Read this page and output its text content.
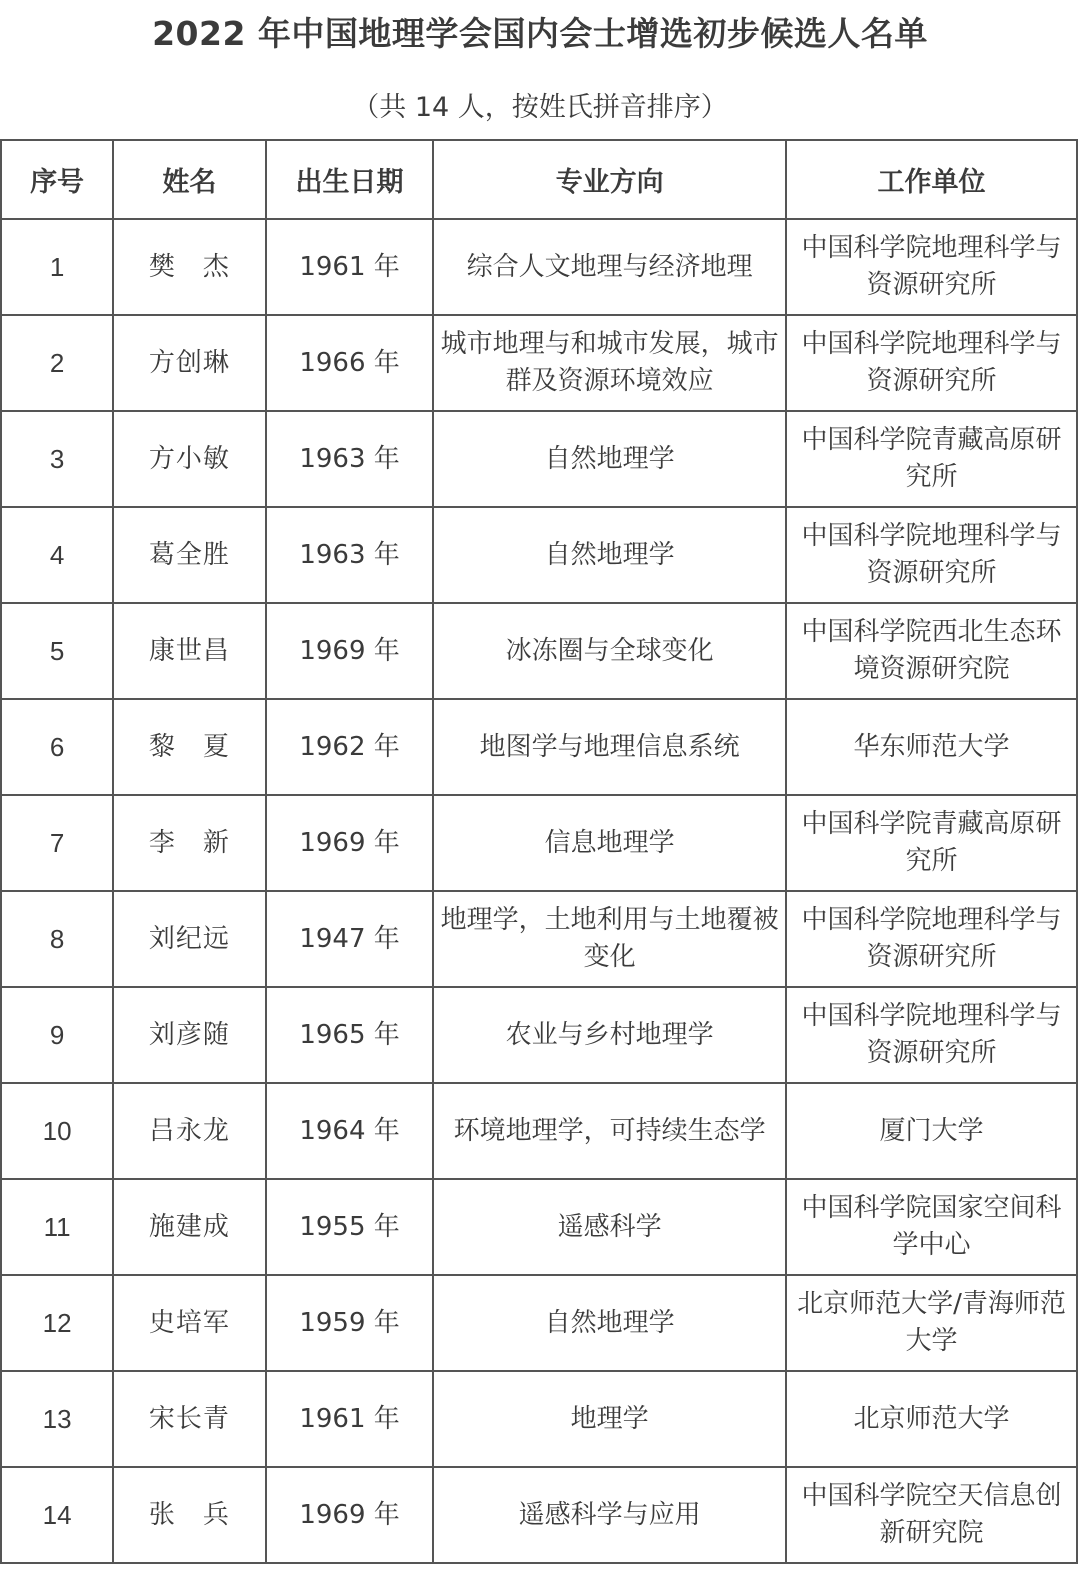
2022 年中国地理学会国内会士增选初步候选人名单
（共 14 人，按姓氏拼音排序）
序号	姓名	出生日期	专业方向	工作单位
1	樊　杰	1961 年	综合人文地理与经济地理	中国科学院地理科学与资源研究所
2	方创琳	1966 年	城市地理与和城市发展，城市群及资源环境效应	中国科学院地理科学与资源研究所
3	方小敏	1963 年	自然地理学	中国科学院青藏高原研究所
4	葛全胜	1963 年	自然地理学	中国科学院地理科学与资源研究所
5	康世昌	1969 年	冰冻圈与全球变化	中国科学院西北生态环境资源研究院
6	黎　夏	1962 年	地图学与地理信息系统	华东师范大学
7	李　新	1969 年	信息地理学	中国科学院青藏高原研究所
8	刘纪远	1947 年	地理学，土地利用与土地覆被变化	中国科学院地理科学与资源研究所
9	刘彦随	1965 年	农业与乡村地理学	中国科学院地理科学与资源研究所
10	吕永龙	1964 年	环境地理学，可持续生态学	厦门大学
11	施建成	1955 年	遥感科学	中国科学院国家空间科学中心
12	史培军	1959 年	自然地理学	北京师范大学/青海师范大学
13	宋长青	1961 年	地理学	北京师范大学
14	张　兵	1969 年	遥感科学与应用	中国科学院空天信息创新研究院
